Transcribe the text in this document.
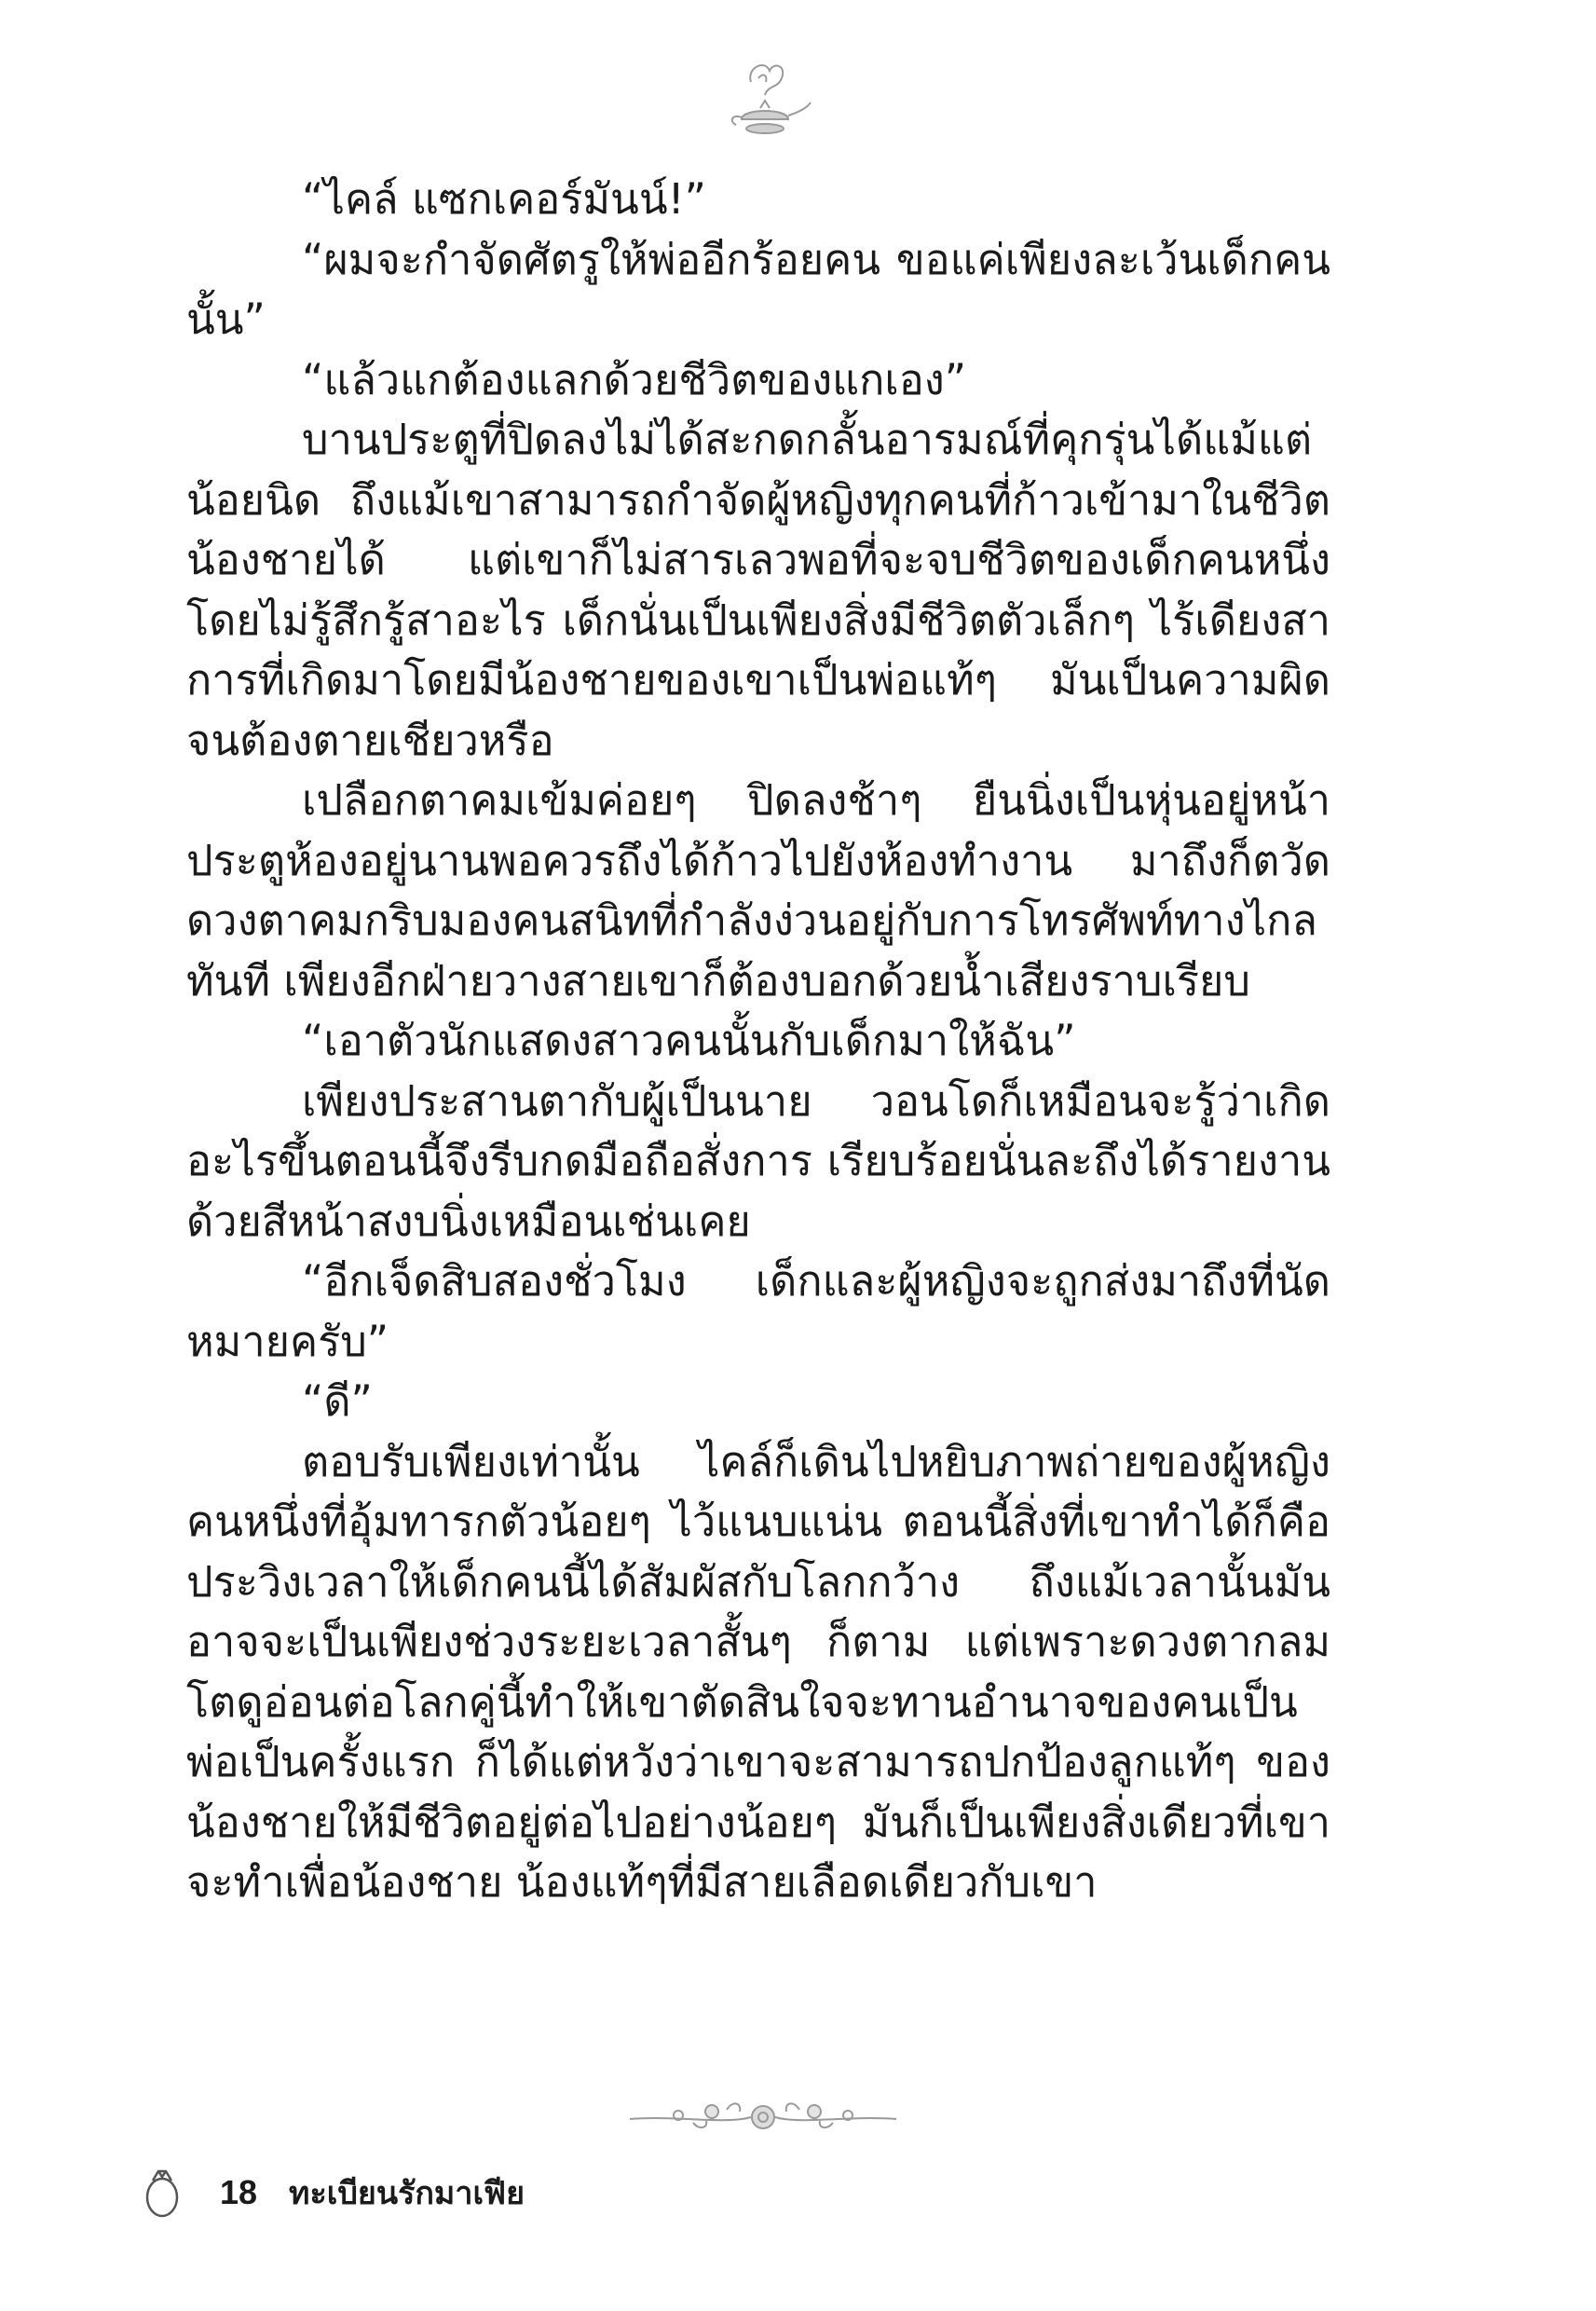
“ไคล์ แซกเคอร์มันน์!”

“ผมจะกำจัดศัตรูให้พ่ออีกร้อยคน ขอแค่เพียงละเว้นเด็กคนนั้น”

“แล้วแกต้องแลกด้วยชีวิตของแกเอง”

บานประตูที่ปิดลงไม่ได้สะกดกลั้นอารมณ์ที่คุกรุ่นได้แม้แต่น้อยนิด ถึงแม้เขาสามารถกำจัดผู้หญิงทุกคนที่ก้าวเข้ามาในชีวิตน้องชายได้ แต่เขาก็ไม่สารเลวพอที่จะจบชีวิตของเด็กคนหนึ่งโดยไม่รู้สึกรู้สาอะไร เด็กนั่นเป็นเพียงสิ่งมีชีวิตตัวเล็กๆ ไร้เดียงสา การที่เกิดมาโดยมีน้องชายของเขาเป็นพ่อแท้ๆ มันเป็นความผิดจนต้องตายเชียวหรือ

เปลือกตาคมเข้มค่อยๆ ปิดลงช้าๆ ยืนนิ่งเป็นหุ่นอยู่หน้าประตูห้องอยู่นานพอควรถึงได้ก้าวไปยังห้องทำงาน มาถึงก็ตวัดดวงตาคมกริบมองคนสนิทที่กำลังง่วนอยู่กับการโทรศัพท์ทางไกลทันที เพียงอีกฝ่ายวางสายเขาก็ต้องบอกด้วยน้ำเสียงราบเรียบ

“เอาตัวนักแสดงสาวคนนั้นกับเด็กมาให้ฉัน”

เพียงประสานตากับผู้เป็นนาย วอนโดก็เหมือนจะรู้ว่าเกิดอะไรขึ้นตอนนี้จึงรีบกดมือถือสั่งการ เรียบร้อยนั่นละถึงได้รายงานด้วยสีหน้าสงบนิ่งเหมือนเช่นเคย

“อีกเจ็ดสิบสองชั่วโมง เด็กและผู้หญิงจะถูกส่งมาถึงที่นัดหมายครับ”

“ดี”

ตอบรับเพียงเท่านั้น ไคล์ก็เดินไปหยิบภาพถ่ายของผู้หญิงคนหนึ่งที่อุ้มทารกตัวน้อยๆ ไว้แนบแน่น ตอนนี้สิ่งที่เขาทำได้ก็คือประวิงเวลาให้เด็กคนนี้ได้สัมผัสกับโลกกว้าง ถึงแม้เวลานั้นมันอาจจะเป็นเพียงช่วงระยะเวลาสั้นๆ ก็ตาม แต่เพราะดวงตากลมโตดูอ่อนต่อโลกคู่นี้ทำให้เขาตัดสินใจจะทานอำนาจของคนเป็นพ่อเป็นครั้งแรก ก็ได้แต่หวังว่าเขาจะสามารถปกป้องลูกแท้ๆ ของน้องชายให้มีชีวิตอยู่ต่อไปอย่างน้อยๆ มันก็เป็นเพียงสิ่งเดียวที่เขาจะทำเพื่อน้องชาย น้องแท้ๆที่มีสายเลือดเดียวกับเขา

18 ทะเบียนรักมาเฟีย
